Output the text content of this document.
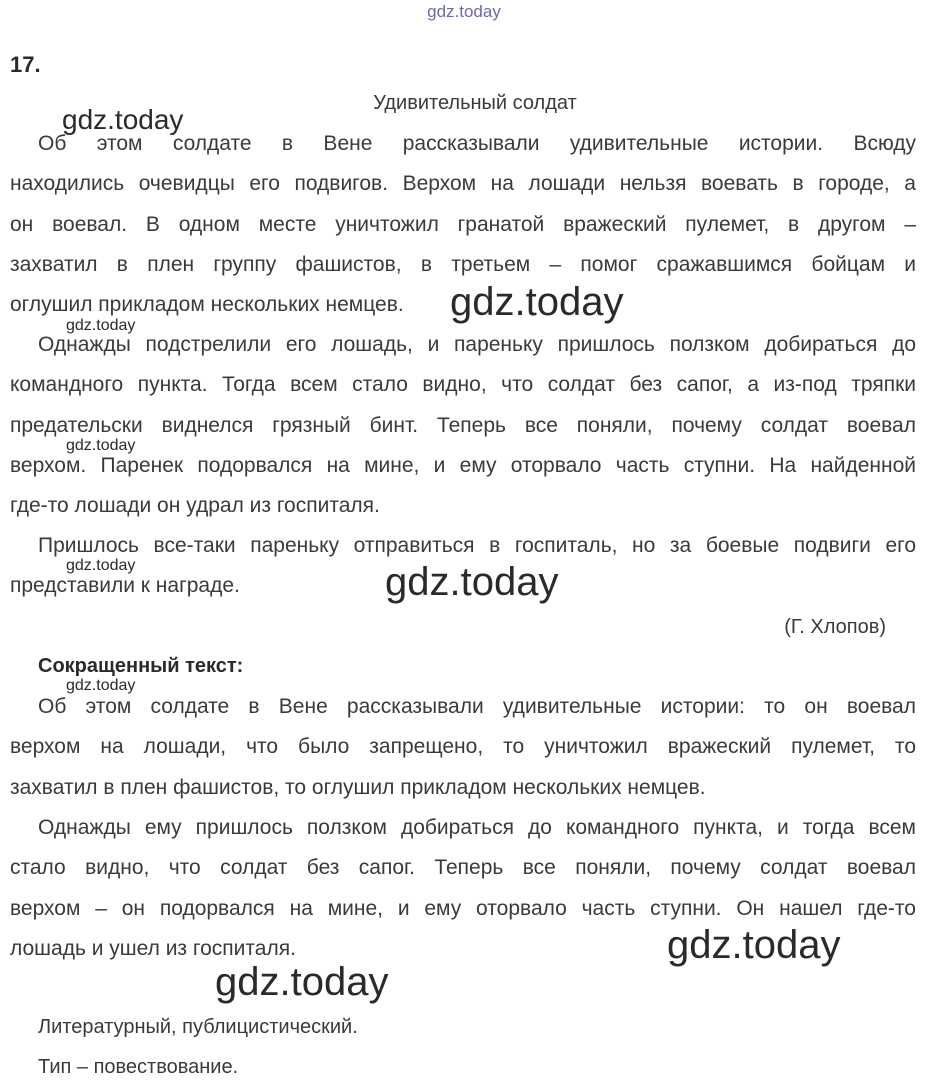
gdz.today
17.
Удивительный солдат
gdz.today
Об этом солдате в Вене рассказывали удивительные истории. Всюду
находились очевидцы его подвигов. Верхом на лошади нельзя воевать в городе, а
он воевал. В одном месте уничтожил гранатой вражеский пулемет, в другом –
захватил в плен группу фашистов, в третьем – помог сражавшимся бойцам и
оглушил прикладом нескольких немцев.	gdz.today
gdz.today
Однажды подстрелили его лошадь, и пареньку пришлось ползком добираться до
командного пункта. Тогда всем стало видно, что солдат без сапог, а из-под тряпки
предательски виднелся грязный бинт. Теперь все поняли, почему солдат воевал
верхом. Паренек подорвался на мине, и ему оторвало часть ступни. На найденной
где-то лошади он удрал из госпиталя.
gdz.today
Пришлось все-таки пареньку отправиться в госпиталь, но за боевые подвиги его
представили к награде.
gdz.today	gdz.today
(Г. Хлопов)
Сокращенный текст:
gdz.today
Об этом солдате в Вене рассказывали удивительные истории: то он воевал
верхом на лошади, что было запрещено, то уничтожил вражеский пулемет, то
захватил в плен фашистов, то оглушил прикладом нескольких немцев.
Однажды ему пришлось ползком добираться до командного пункта, и тогда всем
стало видно, что солдат без сапог. Теперь все поняли, почему солдат воевал
верхом – он подорвался на мине, и ему оторвало часть ступни. Он нашел где-то
лошадь и ушел из госпиталя.	gdz.today
gdz.today
Литературный, публицистический.
Тип – повествование.
